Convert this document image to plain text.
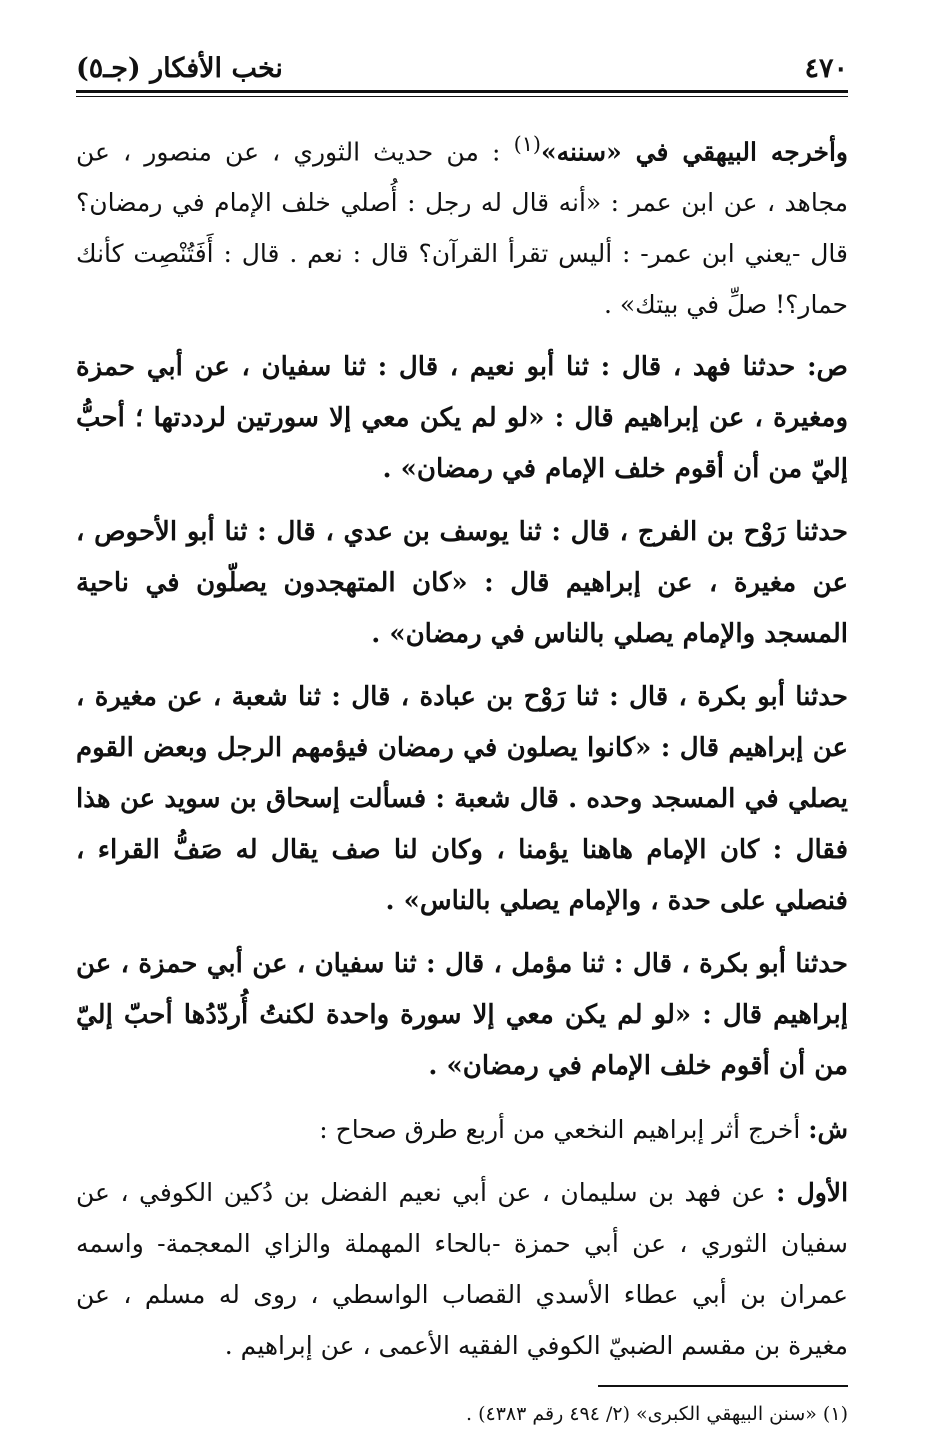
٤٧٠
نخب الأفكار (جـ٥)

وأخرجه البيهقي في «سننه»$^{(١)}$ : من حديث الثوري ، عن منصور ، عن مجاهد ، عن ابن عمر : «أنه قال له رجل : أُصلي خلف الإمام في رمضان؟ قال -يعني ابن عمر- : أليس تقرأ القرآن؟ قال : نعم . قال : أَفَتُنْصِت كأنك حمار؟! صلِّ في بيتك» .

ص: حدثنا فهد ، قال : ثنا أبو نعيم ، قال : ثنا سفيان ، عن أبي حمزة ومغيرة ، عن إبراهيم قال : «لو لم يكن معي إلا سورتين لرددتها ؛ أحبُّ إليّ من أن أقوم خلف الإمام في رمضان» .

حدثنا رَوْح بن الفرج ، قال : ثنا يوسف بن عدي ، قال : ثنا أبو الأحوص ، عن مغيرة ، عن إبراهيم قال : «كان المتهجدون يصلّون في ناحية المسجد والإمام يصلي بالناس في رمضان» .

حدثنا أبو بكرة ، قال : ثنا رَوْح بن عبادة ، قال : ثنا شعبة ، عن مغيرة ، عن إبراهيم قال : «كانوا يصلون في رمضان فيؤمهم الرجل وبعض القوم يصلي في المسجد وحده . قال شعبة : فسألت إسحاق بن سويد عن هذا فقال : كان الإمام هاهنا يؤمنا ، وكان لنا صف يقال له صَفُّ القراء ، فنصلي على حدة ، والإمام يصلي بالناس» .

حدثنا أبو بكرة ، قال : ثنا مؤمل ، قال : ثنا سفيان ، عن أبي حمزة ، عن إبراهيم قال : «لو لم يكن معي إلا سورة واحدة لكنتُ أُردّدُها أحبّ إليّ من أن أقوم خلف الإمام في رمضان» .

ش: أخرج أثر إبراهيم النخعي من أربع طرق صحاح :

الأول : عن فهد بن سليمان ، عن أبي نعيم الفضل بن دُكين الكوفي ، عن سفيان الثوري ، عن أبي حمزة -بالحاء المهملة والزاي المعجمة- واسمه عمران بن أبي عطاء الأسدي القصاب الواسطي ، روى له مسلم ، عن مغيرة بن مقسم الضبيّ الكوفي الفقيه الأعمى ، عن إبراهيم .

(١) «سنن البيهقي الكبرى» (٢/ ٤٩٤ رقم ٤٣٨٣) .
